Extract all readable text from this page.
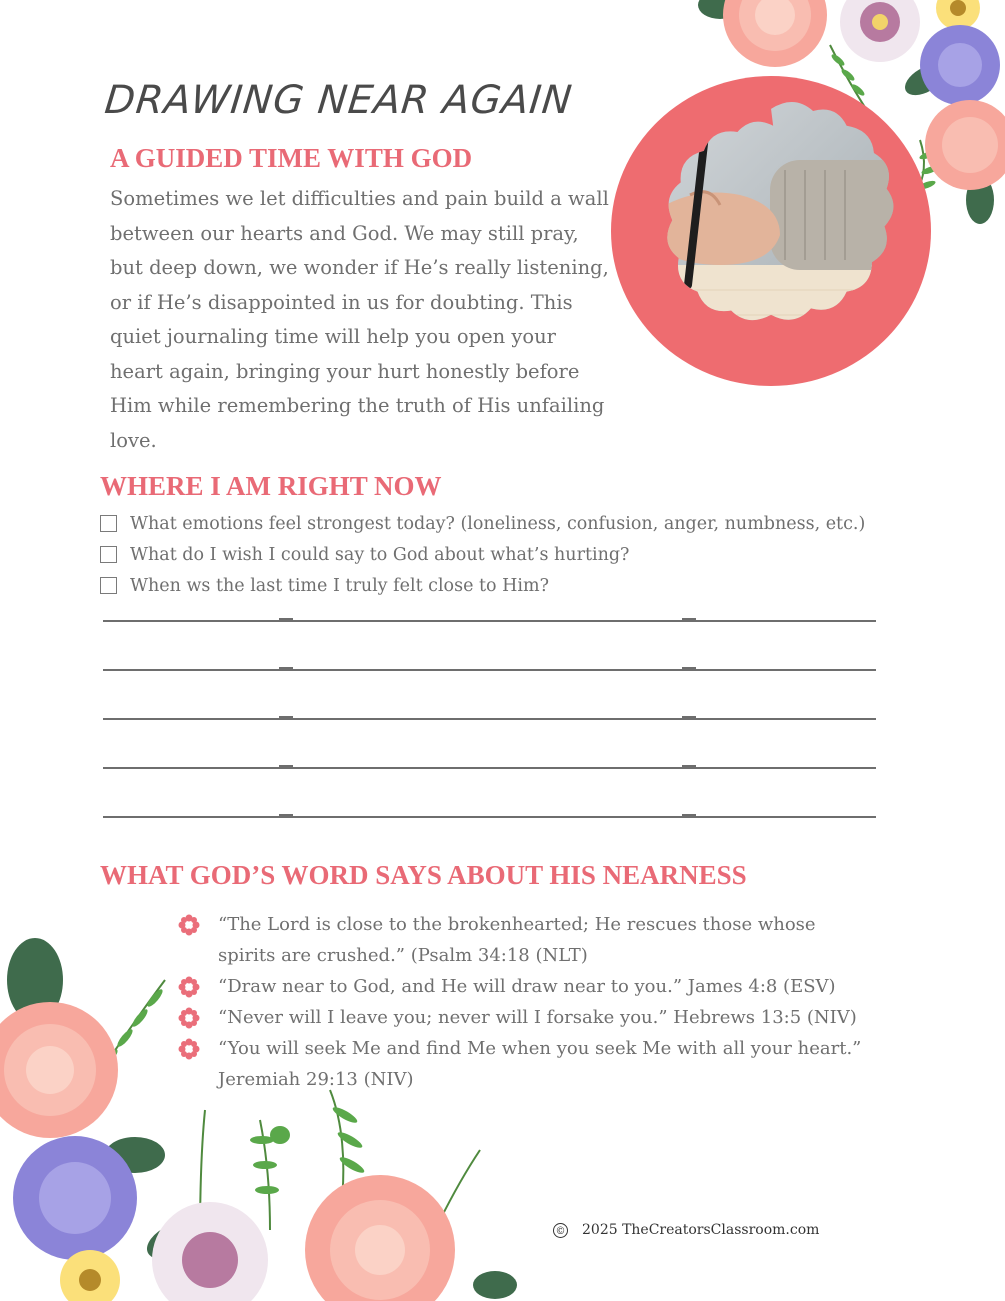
DRAWING NEAR AGAIN
A GUIDED TIME WITH GOD
Sometimes we let difficulties and pain build a wall between our hearts and God. We may still pray, but deep down, we wonder if He’s really listening, or if He’s disappointed in us for doubting. This quiet journaling time will help you open your heart again, bringing your hurt honestly before Him while remembering the truth of His unfailing love.
WHERE I AM RIGHT NOW
What emotions feel strongest today? (loneliness, confusion, anger, numbness, etc.)
What do I wish I could say to God about what’s hurting?
When ws the last time I truly felt close to Him?
WHAT GOD’S WORD SAYS ABOUT HIS NEARNESS
“The Lord is close to the brokenhearted; He rescues those whose spirits are crushed.” (Psalm 34:18 (NLT)
“Draw near to God, and He will draw near to you.” James 4:8 (ESV)
“Never will I leave you; never will I forsake you.” Hebrews 13:5 (NIV)
“You will seek Me and find Me when you seek Me with all your heart.” Jeremiah 29:13 (NIV)
© 2025 TheCreatorsClassroom.com
